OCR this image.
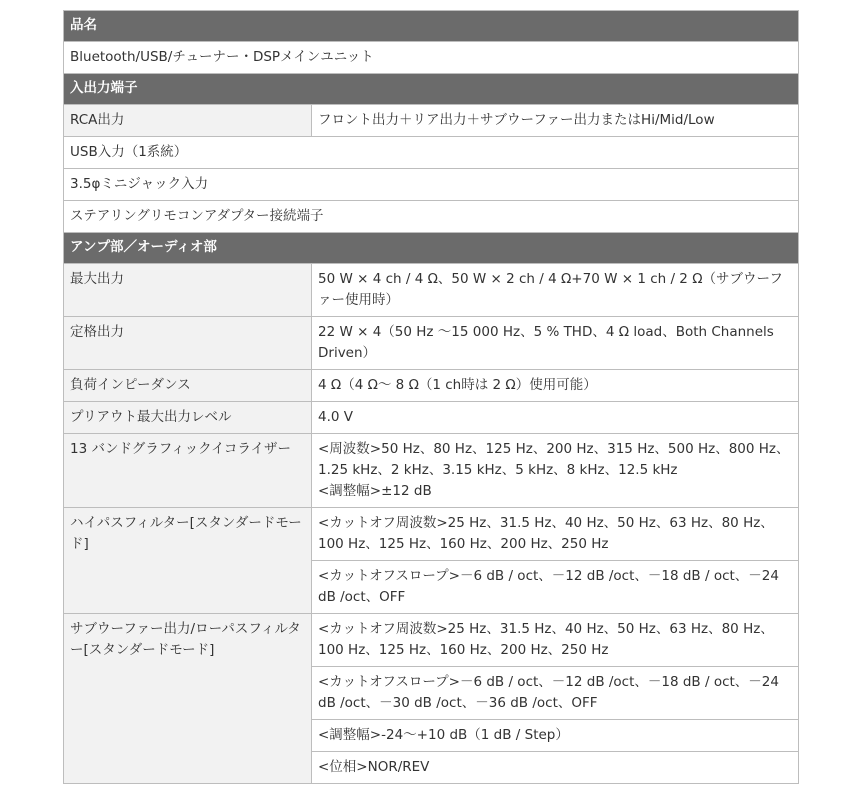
品名	
Bluetooth/USB/チューナー・DSPメインユニット	
入出力端子	
RCA出力	フロント出力＋リア出力＋サブウーファー出力またはHi/Mid/Low
USB入力（1系統）	
3.5φミニジャック入力	
ステアリングリモコンアダプター接続端子	
アンプ部／オーディオ部	
最大出力	50 W × 4 ch / 4 Ω、50 W × 2 ch / 4 Ω+70 W × 1 ch / 2 Ω（サブウーファー使用時）
定格出力	22 W × 4（50 Hz ～15 000 Hz、5 % THD、4 Ω load、Both Channels Driven）
負荷インピーダンス	4 Ω（4 Ω～ 8 Ω（1 ch時は 2 Ω）使用可能）
プリアウト最大出力レベル	4.0 V
13 バンドグラフィックイコライザー	<周波数>50 Hz、80 Hz、125 Hz、200 Hz、315 Hz、500 Hz、800 Hz、1.25 kHz、2 kHz、3.15 kHz、5 kHz、8 kHz、12.5 kHz
<調整幅>±12 dB

ハイパスフィルター[スタンダードモード]	<カットオフ周波数>25 Hz、31.5 Hz、40 Hz、50 Hz、63 Hz、80 Hz、100 Hz、125 Hz、160 Hz、200 Hz、250 Hz
	<カットオフスロープ>－6 dB / oct、－12 dB /oct、－18 dB / oct、－24 dB /oct、OFF
サブウーファー出力/ローパスフィルター[スタンダードモード]	<カットオフ周波数>25 Hz、31.5 Hz、40 Hz、50 Hz、63 Hz、80 Hz、100 Hz、125 Hz、160 Hz、200 Hz、250 Hz
	<カットオフスロープ>－6 dB / oct、－12 dB /oct、－18 dB / oct、－24 dB /oct、－30 dB /oct、－36 dB /oct、OFF
	<調整幅>-24～+10 dB（1 dB / Step）
	<位相>NOR/REV
